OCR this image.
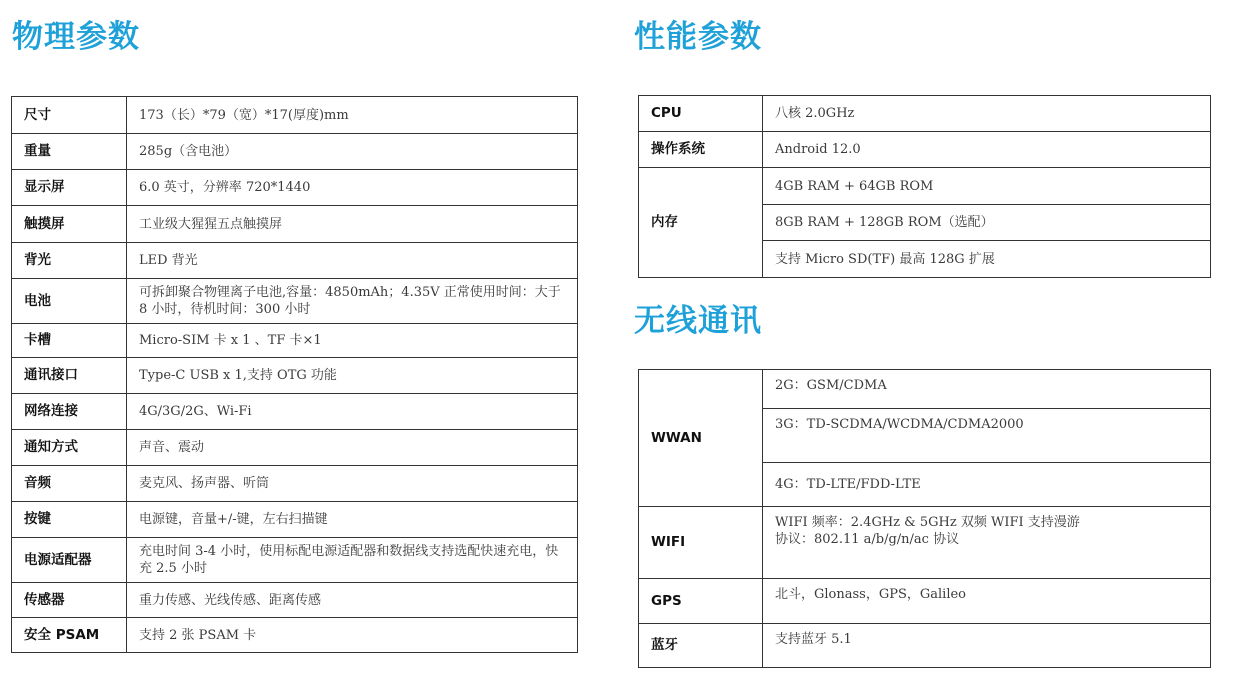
物理参数	性能参数
无线通讯
尺寸	173（长）*79（宽）*17(厚度)mm
重量	285g（含电池）
显示屏	6.0 英寸，分辨率 720*1440
触摸屏	工业级大猩猩五点触摸屏
背光	LED 背光
电池	可拆卸聚合物锂离子电池,容量：4850mAh；4.35V 正常使用时间：大于 8 小时，待机时间：300 小时
卡槽	Micro-SIM 卡 x 1 、TF 卡×1
通讯接口	Type-C USB x 1,支持 OTG 功能
网络连接	4G/3G/2G、Wi-Fi
通知方式	声音、震动
音频	麦克风、扬声器、听筒
按键	电源键，音量+/-键，左右扫描键
电源适配器	充电时间 3-4 小时，使用标配电源适配器和数据线支持选配快速充电，快充 2.5 小时
传感器	重力传感、光线传感、距离传感
安全 PSAM	支持 2 张 PSAM 卡
CPU	八核 2.0GHz
操作系统	Android 12.0
内存	4GB RAM + 64GB ROM
	8GB RAM + 128GB ROM（选配）
	支持 Micro SD(TF) 最高 128G 扩展
WWAN	2G：GSM/CDMA
	3G：TD-SCDMA/WCDMA/CDMA2000
	4G：TD-LTE/FDD-LTE
WIFI	WIFI 频率：2.4GHz & 5GHz 双频 WIFI 支持漫游
协议：802.11 a/b/g/n/ac 协议

GPS	北斗，Glonass，GPS，Galileo
蓝牙	支持蓝牙 5.1
